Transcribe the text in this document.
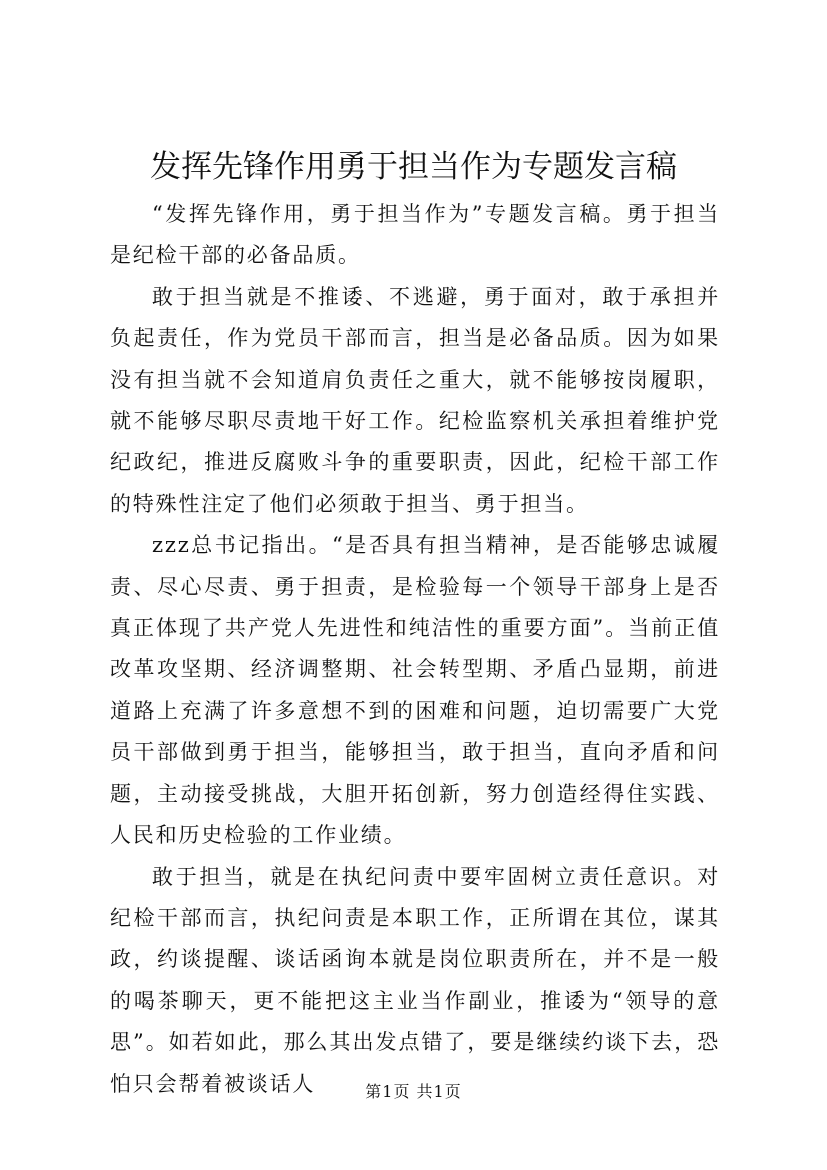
发挥先锋作用勇于担当作为专题发言稿

“发挥先锋作用，勇于担当作为”专题发言稿。勇于担当是纪检干部的必备品质。

敢于担当就是不推诿、不逃避，勇于面对，敢于承担并负起责任，作为党员干部而言，担当是必备品质。因为如果没有担当就不会知道肩负责任之重大，就不能够按岗履职，就不能够尽职尽责地干好工作。纪检监察机关承担着维护党纪政纪，推进反腐败斗争的重要职责，因此，纪检干部工作的特殊性注定了他们必须敢于担当、勇于担当。

zzz总书记指出。“是否具有担当精神，是否能够忠诚履责、尽心尽责、勇于担责，是检验每一个领导干部身上是否真正体现了共产党人先进性和纯洁性的重要方面”。当前正值改革攻坚期、经济调整期、社会转型期、矛盾凸显期，前进道路上充满了许多意想不到的困难和问题，迫切需要广大党员干部做到勇于担当，能够担当，敢于担当，直向矛盾和问题，主动接受挑战，大胆开拓创新，努力创造经得住实践、人民和历史检验的工作业绩。

敢于担当，就是在执纪问责中要牢固树立责任意识。对纪检干部而言，执纪问责是本职工作，正所谓在其位，谋其政，约谈提醒、谈话函询本就是岗位职责所在，并不是一般的喝茶聊天，更不能把这主业当作副业，推诿为“领导的意思”。如若如此，那么其出发点错了，要是继续约谈下去，恐怕只会帮着被谈话人	第1页 共1页
